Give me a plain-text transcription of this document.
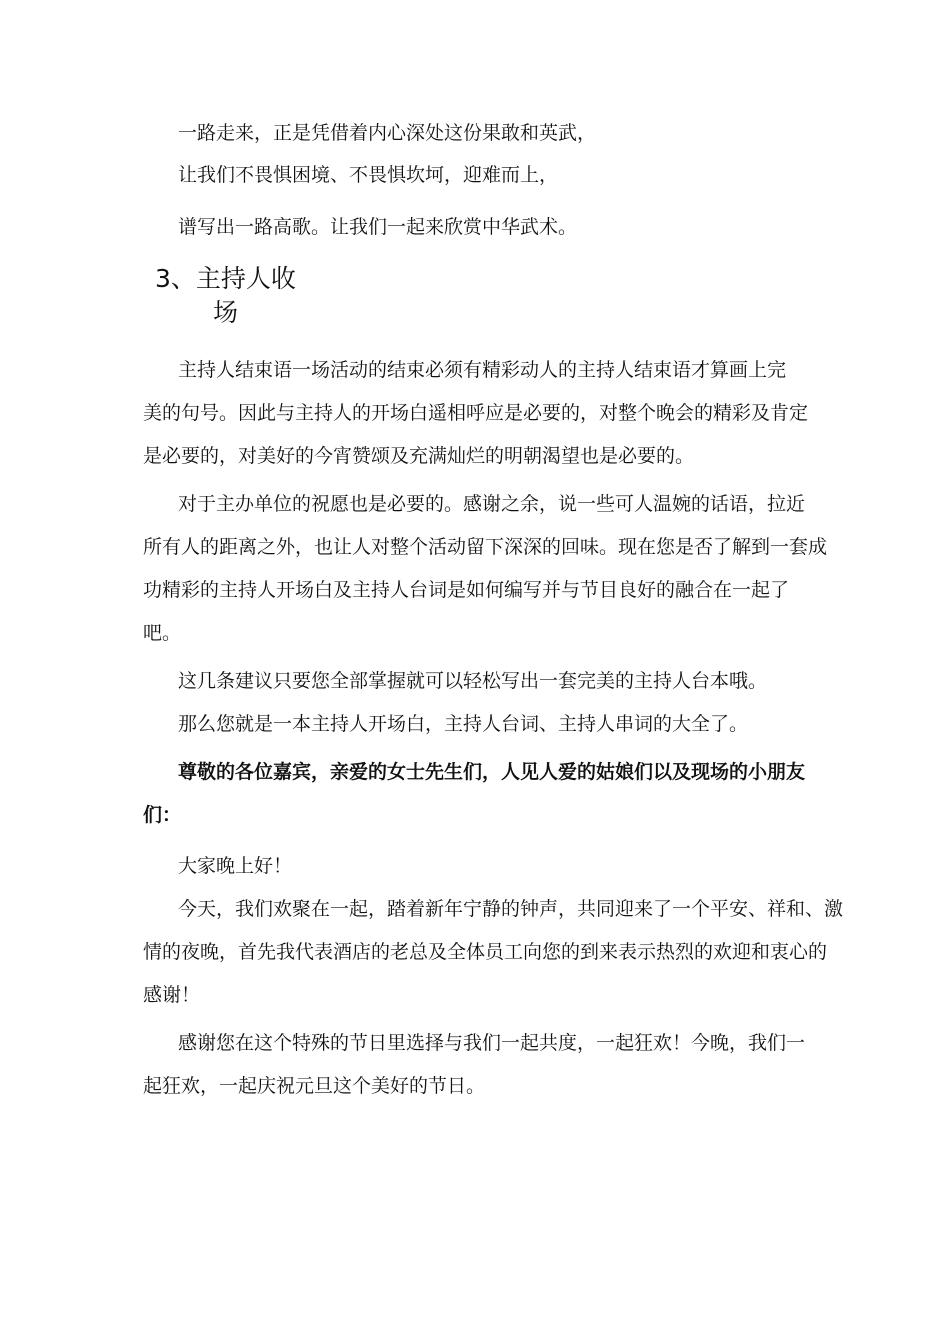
一路走来，正是凭借着内心深处这份果敢和英武，

让我们不畏惧困境、不畏惧坎坷，迎难而上，

谱写出一路高歌。让我们一起来欣赏中华武术。

3、主持人收
场

主持人结束语一场活动的结束必须有精彩动人的主持人结束语才算画上完

美的句号。因此与主持人的开场白遥相呼应是必要的，对整个晚会的精彩及肯定

是必要的，对美好的今宵赞颂及充满灿烂的明朝渴望也是必要的。

对于主办单位的祝愿也是必要的。感谢之余，说一些可人温婉的话语，拉近

所有人的距离之外，也让人对整个活动留下深深的回味。现在您是否了解到一套成

功精彩的主持人开场白及主持人台词是如何编写并与节目良好的融合在一起了

吧。

这几条建议只要您全部掌握就可以轻松写出一套完美的主持人台本哦。

那么您就是一本主持人开场白，主持人台词、主持人串词的大全了。

尊敬的各位嘉宾，亲爱的女士先生们，人见人爱的姑娘们以及现场的小朋友

们：

大家晚上好！

今天，我们欢聚在一起，踏着新年宁静的钟声，共同迎来了一个平安、祥和、激

情的夜晚，首先我代表酒店的老总及全体员工向您的到来表示热烈的欢迎和衷心的

感谢！

感谢您在这个特殊的节日里选择与我们一起共度，一起狂欢！今晚，我们一

起狂欢，一起庆祝元旦这个美好的节日。
